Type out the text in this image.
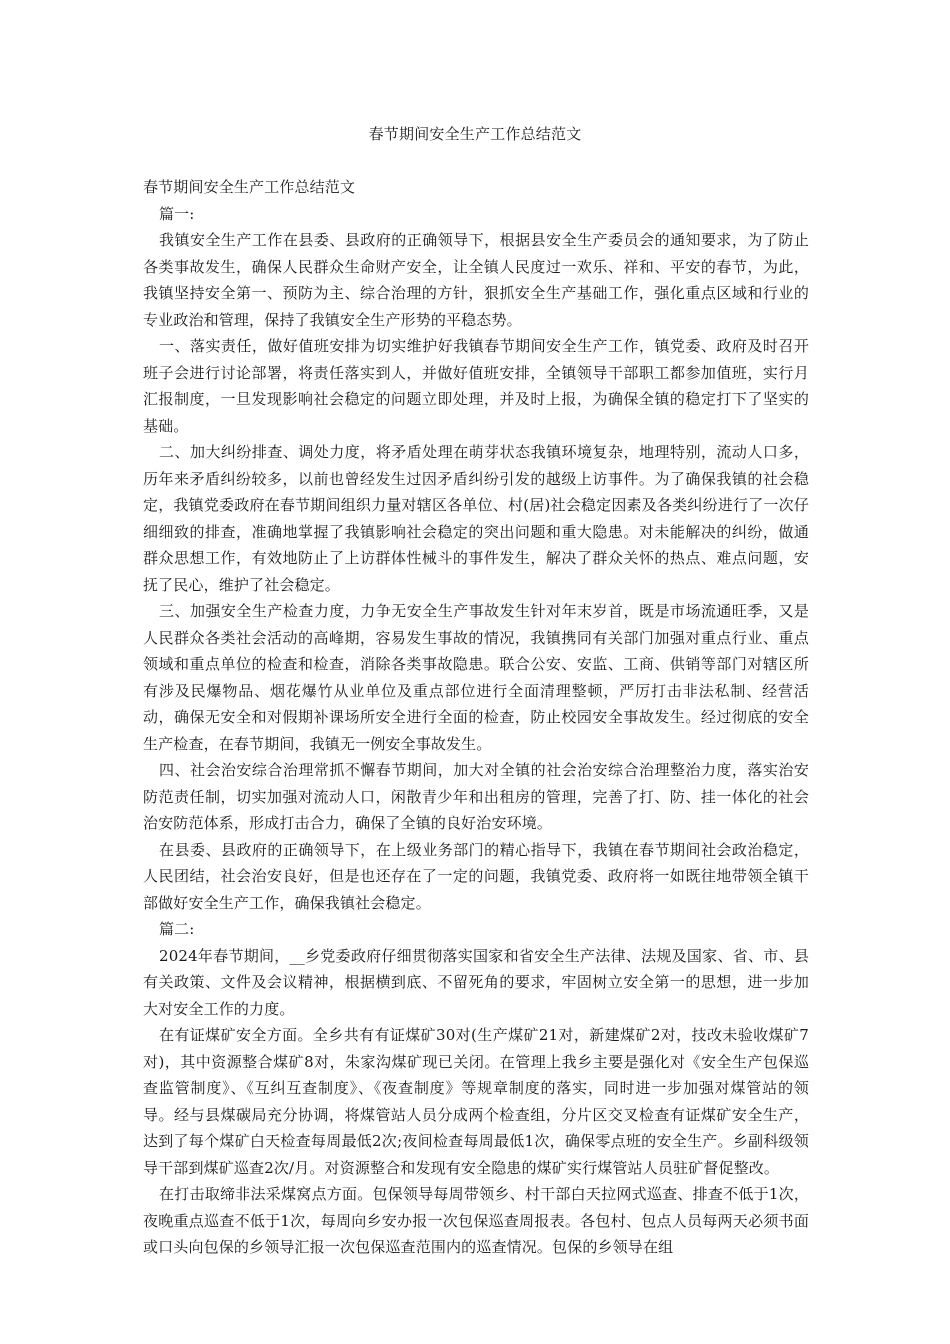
春节期间安全生产工作总结范文

春节期间安全生产工作总结范文

篇一:

我镇安全生产工作在县委、县政府的正确领导下，根据县安全生产委员会的通知要求，为了防止各类事故发生，确保人民群众生命财产安全，让全镇人民度过一欢乐、祥和、平安的春节，为此，我镇坚持安全第一、预防为主、综合治理的方针，狠抓安全生产基础工作，强化重点区域和行业的专业政治和管理，保持了我镇安全生产形势的平稳态势。

一、落实责任，做好值班安排为切实维护好我镇春节期间安全生产工作，镇党委、政府及时召开班子会进行讨论部署，将责任落实到人，并做好值班安排，全镇领导干部职工都参加值班，实行月汇报制度，一旦发现影响社会稳定的问题立即处理，并及时上报，为确保全镇的稳定打下了坚实的基础。

二、加大纠纷排查、调处力度，将矛盾处理在萌芽状态我镇环境复杂，地理特别，流动人口多，历年来矛盾纠纷较多，以前也曾经发生过因矛盾纠纷引发的越级上访事件。为了确保我镇的社会稳定，我镇党委政府在春节期间组织力量对辖区各单位、村(居)社会稳定因素及各类纠纷进行了一次仔细细致的排查，准确地掌握了我镇影响社会稳定的突出问题和重大隐患。对未能解决的纠纷，做通群众思想工作，有效地防止了上访群体性械斗的事件发生，解决了群众关怀的热点、难点问题，安抚了民心，维护了社会稳定。

三、加强安全生产检查力度，力争无安全生产事故发生针对年末岁首，既是市场流通旺季，又是人民群众各类社会活动的高峰期，容易发生事故的情况，我镇携同有关部门加强对重点行业、重点领域和重点单位的检查和检查，消除各类事故隐患。联合公安、安监、工商、供销等部门对辖区所有涉及民爆物品、烟花爆竹从业单位及重点部位进行全面清理整顿，严厉打击非法私制、经营活动，确保无安全和对假期补课场所安全进行全面的检查，防止校园安全事故发生。经过彻底的安全生产检查，在春节期间，我镇无一例安全事故发生。

四、社会治安综合治理常抓不懈春节期间，加大对全镇的社会治安综合治理整治力度，落实治安防范责任制，切实加强对流动人口，闲散青少年和出租房的管理，完善了打、防、挂一体化的社会治安防范体系，形成打击合力，确保了全镇的良好治安环境。

在县委、县政府的正确领导下，在上级业务部门的精心指导下，我镇在春节期间社会政治稳定，人民团结，社会治安良好，但是也还存在了一定的问题，我镇党委、政府将一如既往地带领全镇干部做好安全生产工作，确保我镇社会稳定。

篇二:

2024年春节期间，__乡党委政府仔细贯彻落实国家和省安全生产法律、法规及国家、省、市、县有关政策、文件及会议精神，根据横到底、不留死角的要求，牢固树立安全第一的思想，进一步加大对安全工作的力度。

在有证煤矿安全方面。全乡共有有证煤矿30对(生产煤矿21对，新建煤矿2对，技改未验收煤矿7对)，其中资源整合煤矿8对，朱家沟煤矿现已关闭。在管理上我乡主要是强化对《安全生产包保巡查监管制度》、《互纠互查制度》、《夜查制度》等规章制度的落实，同时进一步加强对煤管站的领导。经与县煤碳局充分协调，将煤管站人员分成两个检查组，分片区交叉检查有证煤矿安全生产，达到了每个煤矿白天检查每周最低2次;夜间检查每周最低1次，确保零点班的安全生产。乡副科级领导干部到煤矿巡查2次/月。对资源整合和发现有安全隐患的煤矿实行煤管站人员驻矿督促整改。

在打击取缔非法采煤窝点方面。包保领导每周带领乡、村干部白天拉网式巡查、排查不低于1次，夜晚重点巡查不低于1次，每周向乡安办报一次包保巡查周报表。各包村、包点人员每两天必须书面或口头向包保的乡领导汇报一次包保巡查范围内的巡查情况。包保的乡领导在组
